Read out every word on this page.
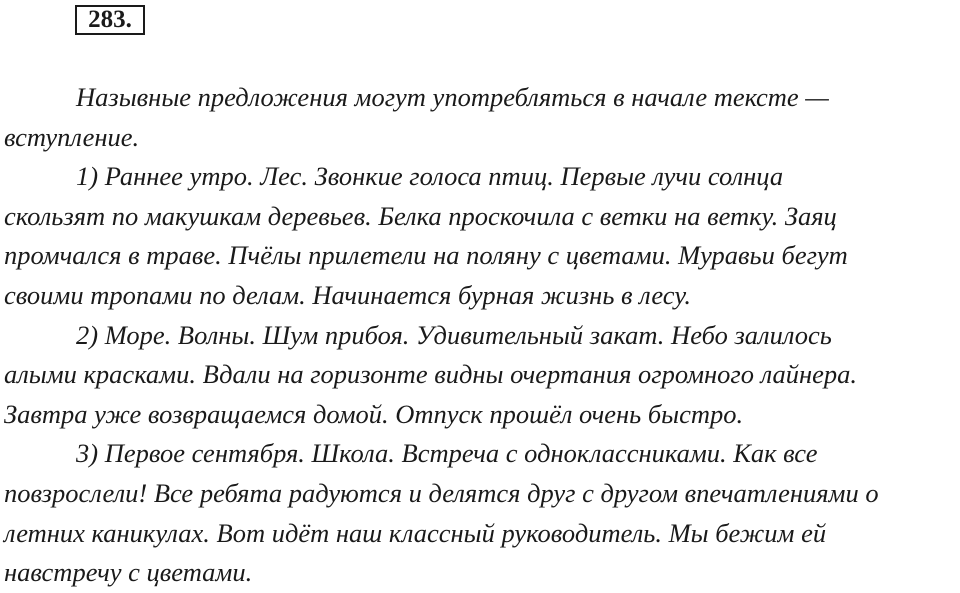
283.
Назывные предложения могут употребляться в начале тексте —
вступление.
1) Раннее утро. Лес. Звонкие голоса птиц. Первые лучи солнца
скользят по макушкам деревьев. Белка проскочила с ветки на ветку. Заяц
промчался в траве. Пчёлы прилетели на поляну с цветами. Муравьи бегут
своими тропами по делам. Начинается бурная жизнь в лесу.
2) Море. Волны. Шум прибоя. Удивительный закат. Небо залилось
алыми красками. Вдали на горизонте видны очертания огромного лайнера.
Завтра уже возвращаемся домой. Отпуск прошёл очень быстро.
3) Первое сентября. Школа. Встреча с одноклассниками. Как все
повзрослели! Все ребята радуются и делятся друг с другом впечатлениями о
летних каникулах. Вот идёт наш классный руководитель. Мы бежим ей
навстречу с цветами.
